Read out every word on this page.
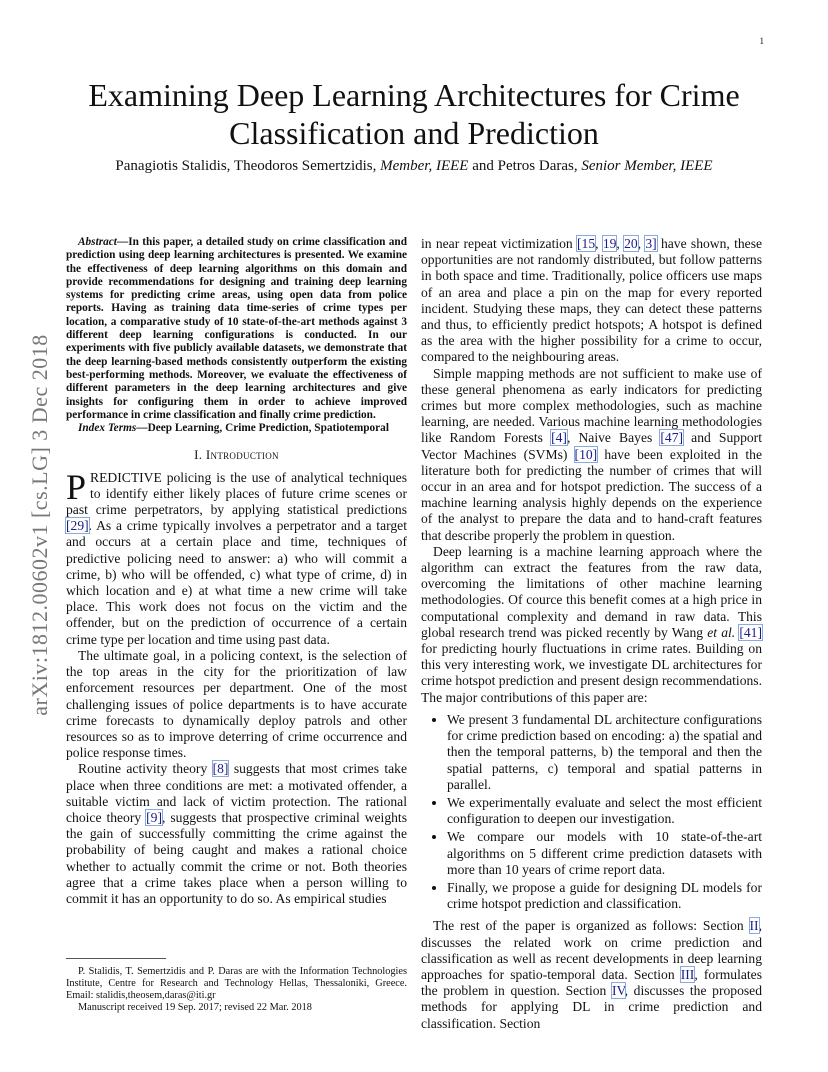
1
arXiv:1812.00602v1 [cs.LG] 3 Dec 2018
Examining Deep Learning Architectures for Crime Classification and Prediction
Panagiotis Stalidis, Theodoros Semertzidis, Member, IEEE and Petros Daras, Senior Member, IEEE

Abstract—In this paper, a detailed study on crime classification and prediction using deep learning architectures is presented. We examine the effectiveness of deep learning algorithms on this domain and provide recommendations for designing and training deep learning systems for predicting crime areas, using open data from police reports. Having as training data time-series of crime types per location, a comparative study of 10 state-of-the-art methods against 3 different deep learning configurations is conducted. In our experiments with five publicly available datasets, we demonstrate that the deep learning-based methods consistently outperform the existing best-performing methods. Moreover, we evaluate the effectiveness of different parameters in the deep learning architectures and give insights for configuring them in order to achieve improved performance in crime classification and finally crime prediction.

Index Terms—Deep Learning, Crime Prediction, Spatiotemporal

I. Introduction

PREDICTIVE policing is the use of analytical techniques to identify either likely places of future crime scenes or past crime perpetrators, by applying statistical predictions [29]. As a crime typically involves a perpetrator and a target and occurs at a certain place and time, techniques of predictive policing need to answer: a) who will commit a crime, b) who will be offended, c) what type of crime, d) in which location and e) at what time a new crime will take place. This work does not focus on the victim and the offender, but on the prediction of occurrence of a certain crime type per location and time using past data.

The ultimate goal, in a policing context, is the selection of the top areas in the city for the prioritization of law enforcement resources per department. One of the most challenging issues of police departments is to have accurate crime forecasts to dynamically deploy patrols and other resources so as to improve deterring of crime occurrence and police response times.

Routine activity theory [8] suggests that most crimes take place when three conditions are met: a motivated offender, a suitable victim and lack of victim protection. The rational choice theory [9], suggests that prospective criminal weights the gain of successfully committing the crime against the probability of being caught and makes a rational choice whether to actually commit the crime or not. Both theories agree that a crime takes place when a person willing to commit it has an opportunity to do so. As empirical studies

P. Stalidis, T. Semertzidis and P. Daras are with the Information Technologies Institute, Centre for Research and Technology Hellas, Thessaloniki, Greece. Email: stalidis,theosem,daras@iti.gr

Manuscript received 19 Sep. 2017; revised 22 Mar. 2018

in near repeat victimization [15, 19, 20, 3] have shown, these opportunities are not randomly distributed, but follow patterns in both space and time. Traditionally, police officers use maps of an area and place a pin on the map for every reported incident. Studying these maps, they can detect these patterns and thus, to efficiently predict hotspots; A hotspot is defined as the area with the higher possibility for a crime to occur, compared to the neighbouring areas.

Simple mapping methods are not sufficient to make use of these general phenomena as early indicators for predicting crimes but more complex methodologies, such as machine learning, are needed. Various machine learning methodologies like Random Forests [4], Naive Bayes [47] and Support Vector Machines (SVMs) [10] have been exploited in the literature both for predicting the number of crimes that will occur in an area and for hotspot prediction. The success of a machine learning analysis highly depends on the experience of the analyst to prepare the data and to hand-craft features that describe properly the problem in question.

Deep learning is a machine learning approach where the algorithm can extract the features from the raw data, overcoming the limitations of other machine learning methodologies. Of cource this benefit comes at a high price in computational complexity and demand in raw data. This global research trend was picked recently by Wang et al. [41] for predicting hourly fluctuations in crime rates. Building on this very interesting work, we investigate DL architectures for crime hotspot prediction and present design recommendations. The major contributions of this paper are:

• We present 3 fundamental DL architecture configurations for crime prediction based on encoding: a) the spatial and then the temporal patterns, b) the temporal and then the spatial patterns, c) temporal and spatial patterns in parallel.
• We experimentally evaluate and select the most efficient configuration to deepen our investigation.
• We compare our models with 10 state-of-the-art algorithms on 5 different crime prediction datasets with more than 10 years of crime report data.
• Finally, we propose a guide for designing DL models for crime hotspot prediction and classification.

The rest of the paper is organized as follows: Section II, discusses the related work on crime prediction and classification as well as recent developments in deep learning approaches for spatio-temporal data. Section III, formulates the problem in question. Section IV, discusses the proposed methods for applying DL in crime prediction and classification. Section
